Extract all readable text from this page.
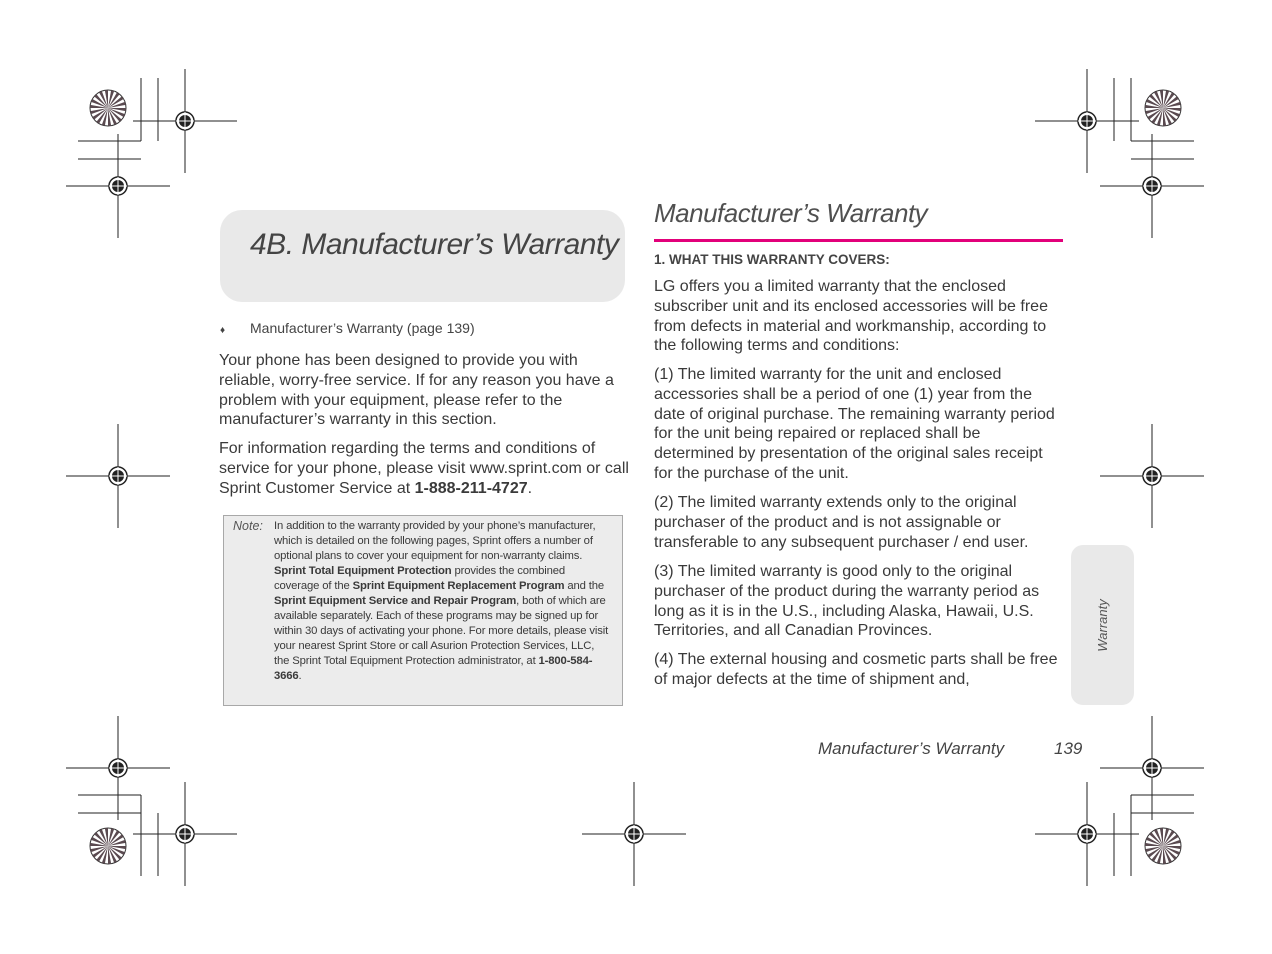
4B. Manufacturer’s Warranty
♦ Manufacturer’s Warranty (page 139)
Your phone has been designed to provide you with reliable, worry-free service. If for any reason you have a problem with your equipment, please refer to the manufacturer’s warranty in this section.
For information regarding the terms and conditions of service for your phone, please visit www.sprint.com or call Sprint Customer Service at 1-888-211-4727.
Note: In addition to the warranty provided by your phone’s manufacturer, which is detailed on the following pages, Sprint offers a number of optional plans to cover your equipment for non-warranty claims. Sprint Total Equipment Protection provides the combined coverage of the Sprint Equipment Replacement Program and the Sprint Equipment Service and Repair Program, both of which are available separately. Each of these programs may be signed up for within 30 days of activating your phone. For more details, please visit your nearest Sprint Store or call Asurion Protection Services, LLC, the Sprint Total Equipment Protection administrator, at 1-800-584-3666.
Manufacturer’s Warranty
1. WHAT THIS WARRANTY COVERS:
LG offers you a limited warranty that the enclosed subscriber unit and its enclosed accessories will be free from defects in material and workmanship, according to the following terms and conditions:
(1) The limited warranty for the unit and enclosed accessories shall be a period of one (1) year from the date of original purchase. The remaining warranty period for the unit being repaired or replaced shall be determined by presentation of the original sales receipt for the purchase of the unit.
(2) The limited warranty extends only to the original purchaser of the product and is not assignable or transferable to any subsequent purchaser / end user.
(3) The limited warranty is good only to the original purchaser of the product during the warranty period as long as it is in the U.S., including Alaska, Hawaii, U.S. Territories, and all Canadian Provinces.
(4) The external housing and cosmetic parts shall be free of major defects at the time of shipment and,
Warranty
Manufacturer’s Warranty	139
